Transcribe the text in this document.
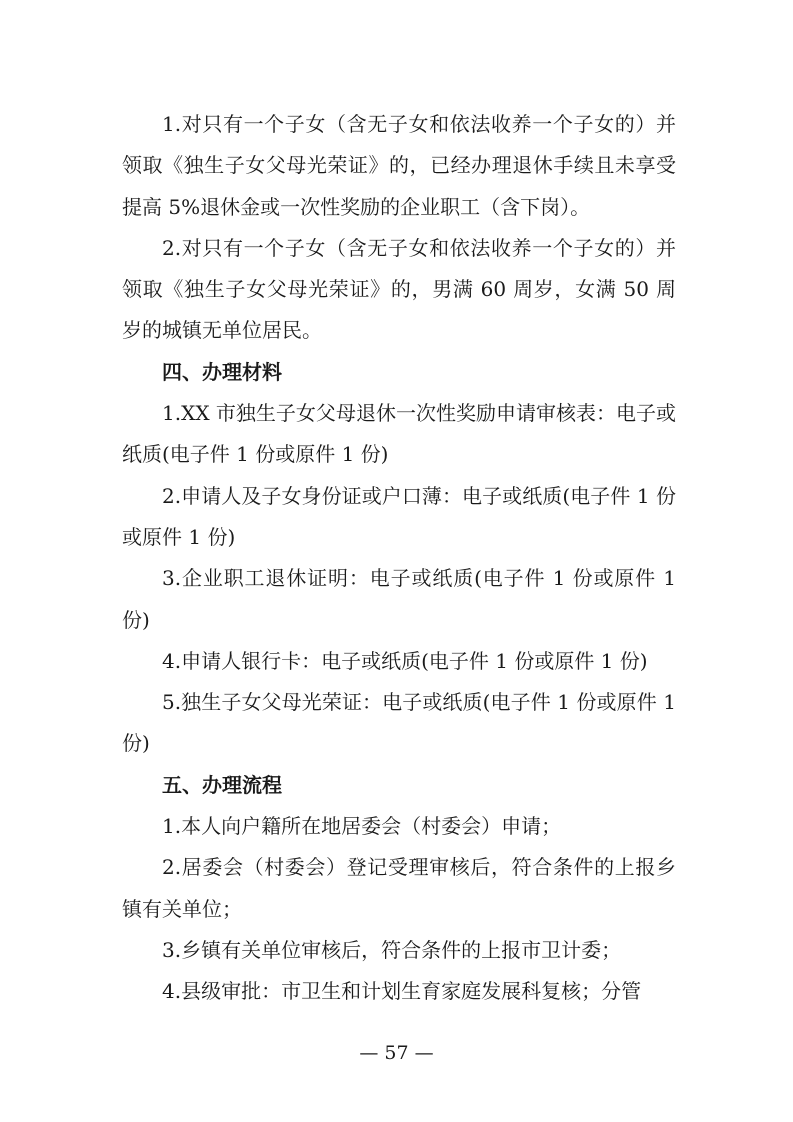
1.对只有一个子女（含无子女和依法收养一个子女的）并领取《独生子女父母光荣证》的，已经办理退休手续且未享受提高 5%退休金或一次性奖励的企业职工（含下岗）。

2.对只有一个子女（含无子女和依法收养一个子女的）并领取《独生子女父母光荣证》的，男满 60 周岁，女满 50 周岁的城镇无单位居民。

四、办理材料

1.XX 市独生子女父母退休一次性奖励申请审核表：电子或纸质(电子件 1 份或原件 1 份)

2.申请人及子女身份证或户口薄：电子或纸质(电子件 1 份或原件 1 份)

3.企业职工退休证明：电子或纸质(电子件 1 份或原件 1 份)

4.申请人银行卡：电子或纸质(电子件 1 份或原件 1 份)

5.独生子女父母光荣证：电子或纸质(电子件 1 份或原件 1 份)

五、办理流程

1.本人向户籍所在地居委会（村委会）申请；

2.居委会（村委会）登记受理审核后，符合条件的上报乡镇有关单位；

3.乡镇有关单位审核后，符合条件的上报市卫计委；

4.县级审批：市卫生和计划生育家庭发展科复核；分管

— 57 —
